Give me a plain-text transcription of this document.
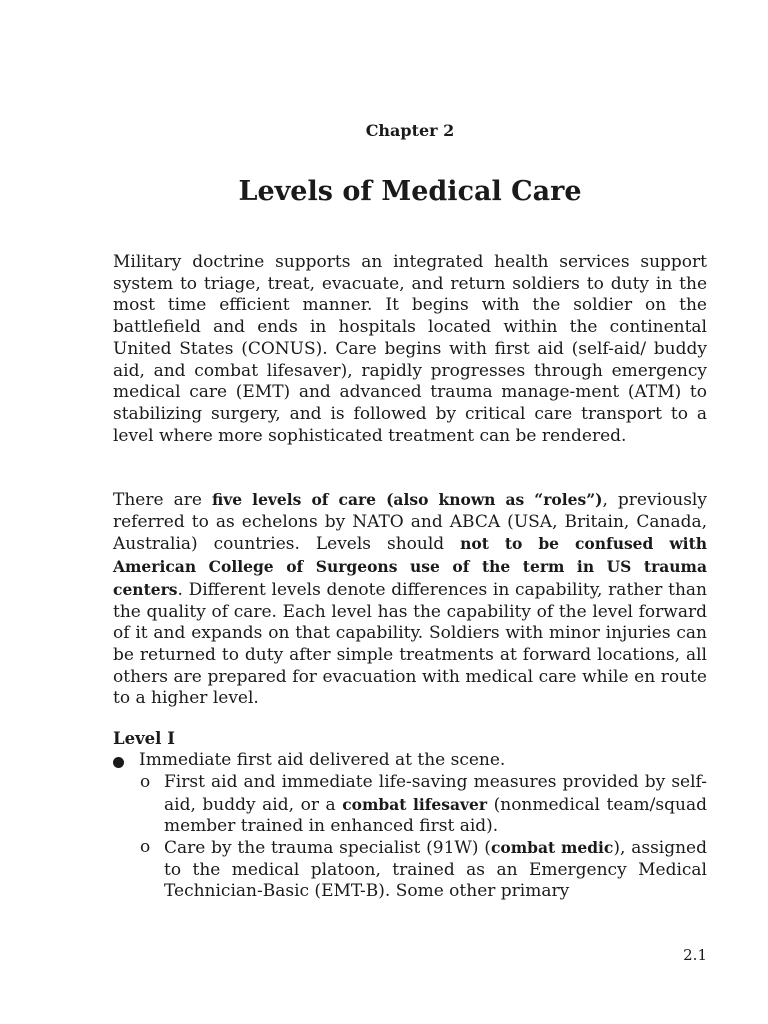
Chapter 2
Levels of Medical Care

Military doctrine supports an integrated health services support system to triage, treat, evacuate, and return soldiers to duty in the most time efficient manner. It begins with the soldier on the battlefield and ends in hospitals located within the continental United States (CONUS). Care begins with first aid (self-aid/ buddy aid, and combat lifesaver), rapidly progresses through emergency medical care (EMT) and advanced trauma manage-ment (ATM) to stabilizing surgery, and is followed by critical care transport to a level where more sophisticated treatment can be rendered.

There are five levels of care (also known as “roles”), previously referred to as echelons by NATO and ABCA (USA, Britain, Canada, Australia) countries. Levels should not to be confused with American College of Surgeons use of the term in US trauma centers. Different levels denote differences in capability, rather than the quality of care. Each level has the capability of the level forward of it and expands on that capability. Soldiers with minor injuries can be returned to duty after simple treatments at forward locations, all others are prepared for evacuation with medical care while en route to a higher level.

Level I
Immediate first aid delivered at the scene.
o First aid and immediate life-saving measures provided by self-aid, buddy aid, or a combat lifesaver (nonmedical team/squad member trained in enhanced first aid).

o Care by the trauma specialist (91W) (combat medic), assigned to the medical platoon, trained as an Emergency Medical Technician-Basic (EMT-B). Some other primary

2.1
